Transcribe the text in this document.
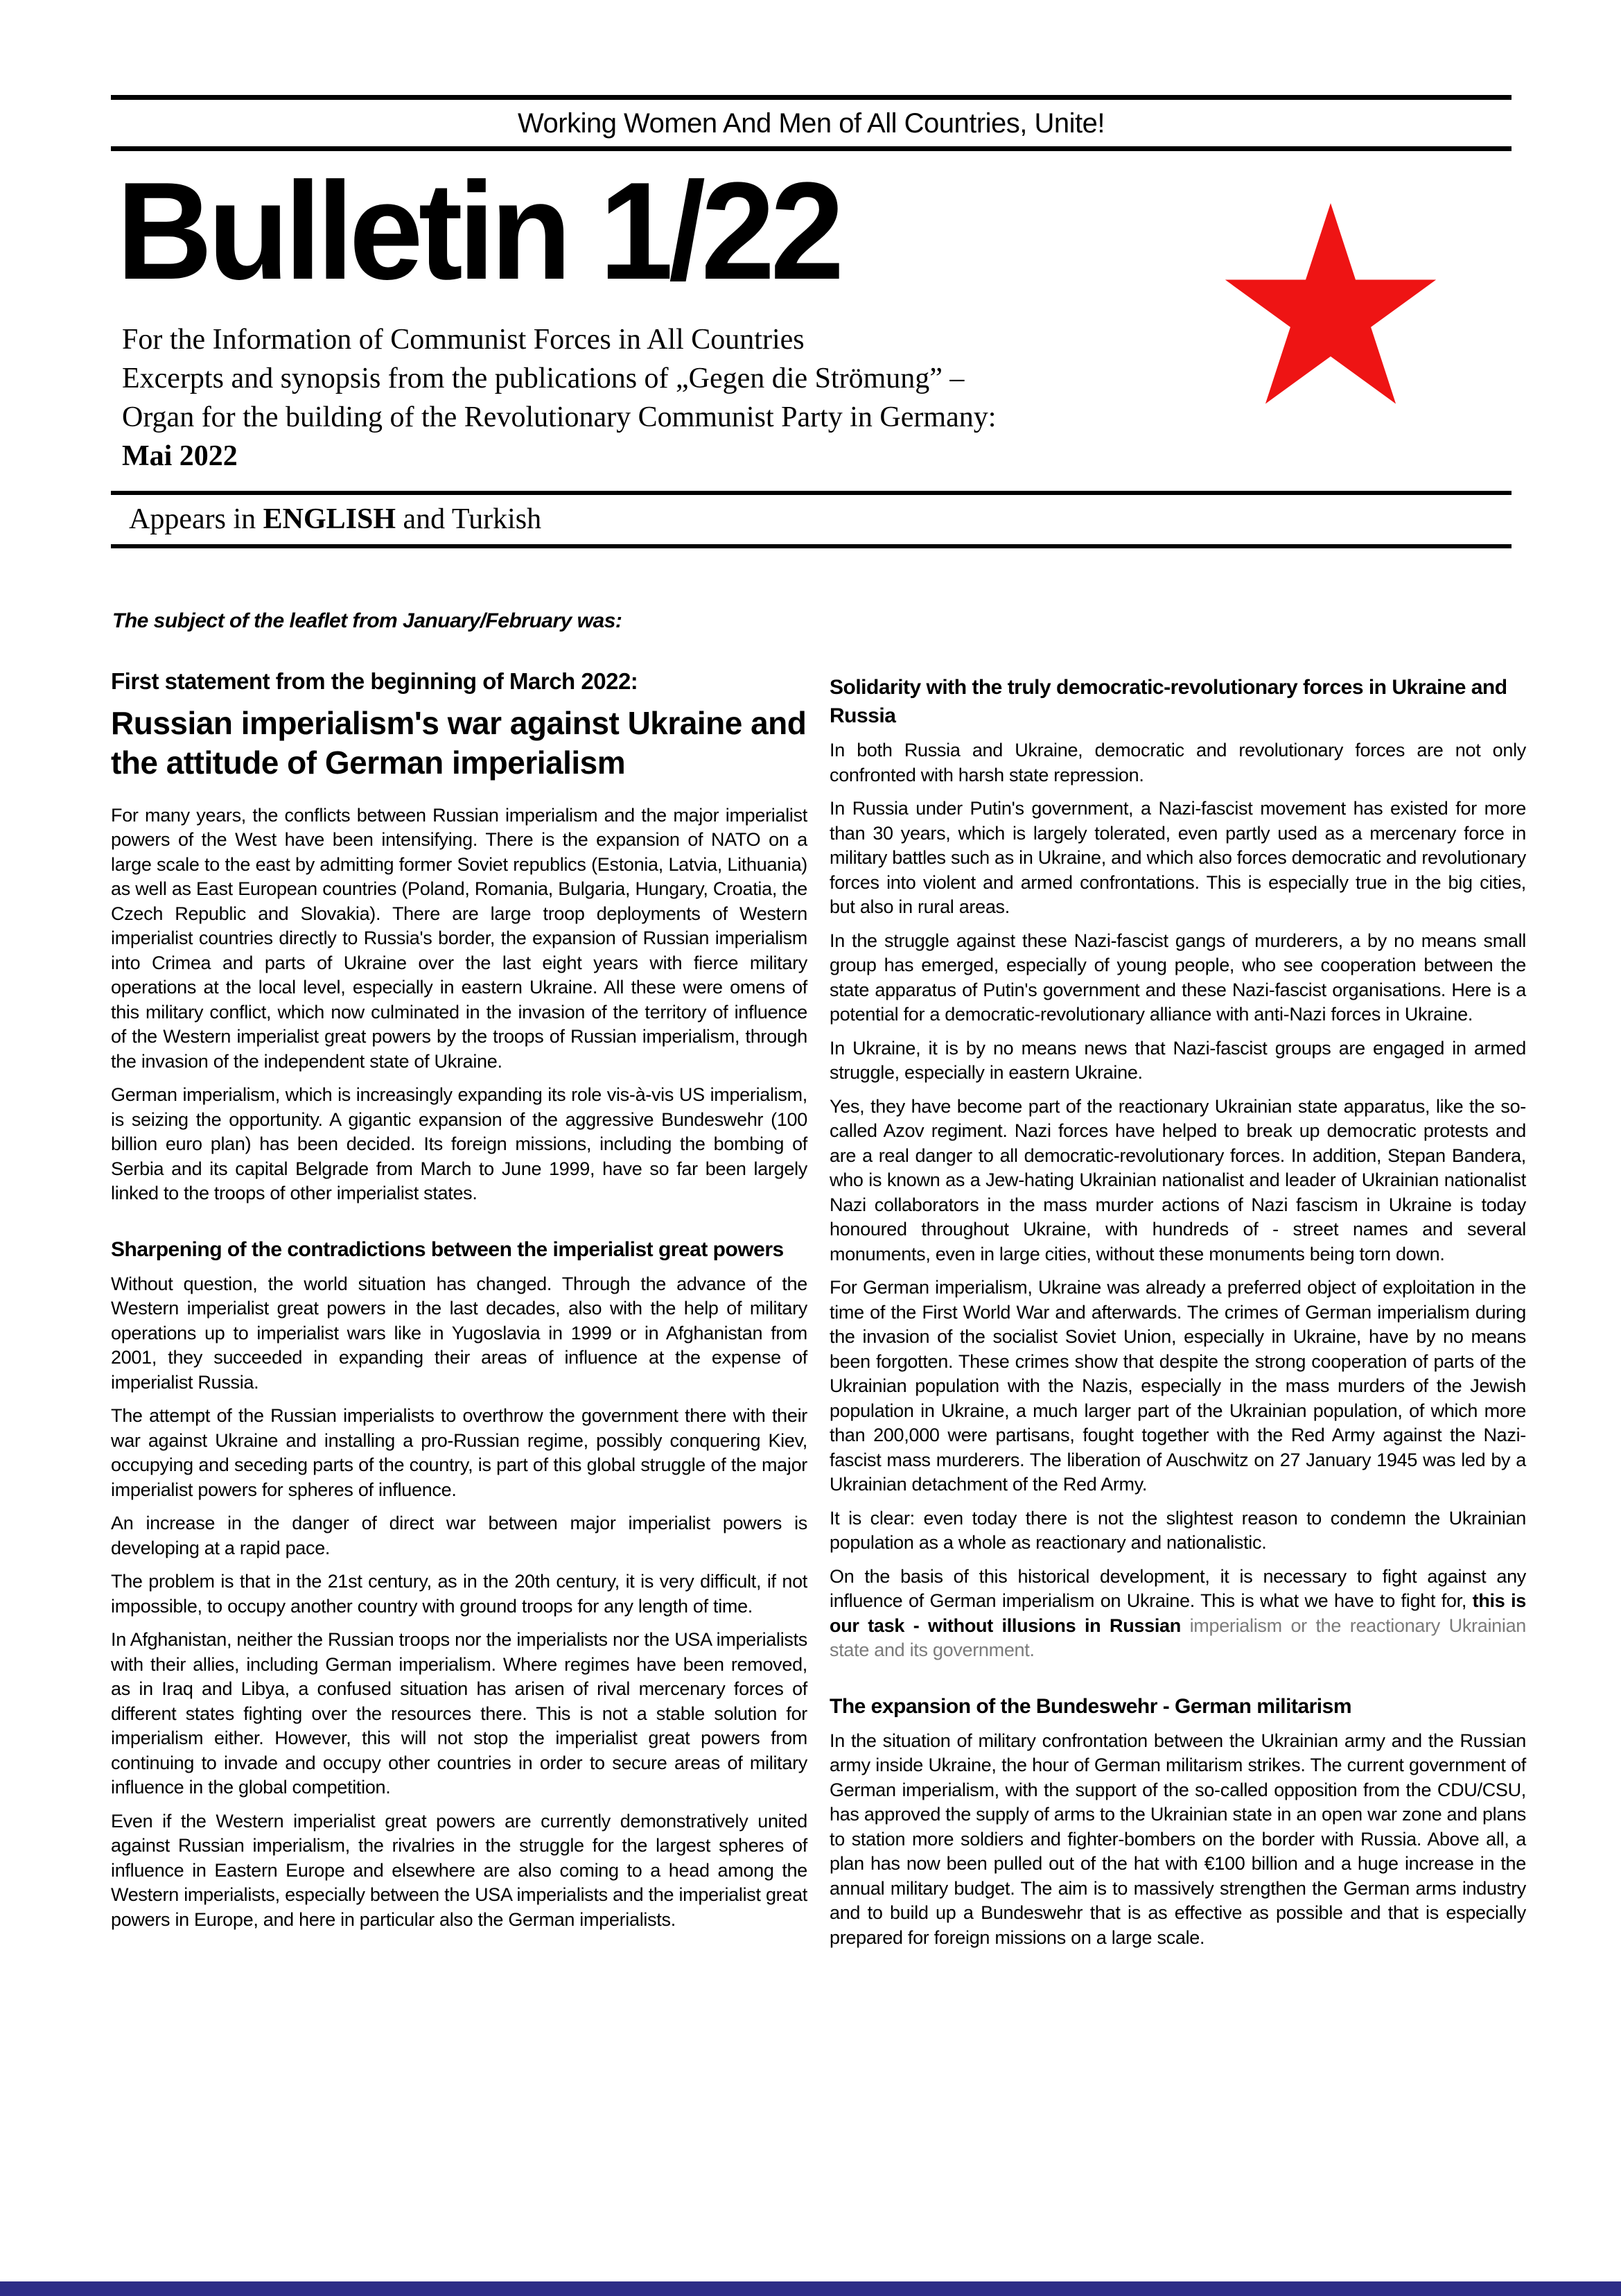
Working Women And Men of All Countries, Unite!
Bulletin 1/22
For the Information of Communist Forces in All Countries
Excerpts and synopsis from the publications of „Gegen die Strömung” –
Organ for the building of the Revolutionary Communist Party in Germany:
Mai 2022
Appears in ENGLISH and Turkish
The subject of the leaflet from January/February was:
First statement from the beginning of March 2022:
Russian imperialism's war against Ukraine and the attitude of German imperialism

For many years, the conflicts between Russian imperialism and the major imperialist powers of the West have been intensifying. There is the expansion of NATO on a large scale to the east by admitting former Soviet republics (Estonia, Latvia, Lithuania) as well as East European countries (Poland, Romania, Bulgaria, Hungary, Croatia, the Czech Republic and Slovakia). There are large troop deployments of Western imperialist countries directly to Russia's border, the expansion of Russian imperialism into Crimea and parts of Ukraine over the last eight years with fierce military operations at the local level, especially in eastern Ukraine. All these were omens of this military conflict, which now culminated in the invasion of the territory of influence of the Western imperialist great powers by the troops of Russian imperialism, through the invasion of the independent state of Ukraine.

German imperialism, which is increasingly expanding its role vis-à-vis US imperialism, is seizing the opportunity. A gigantic expansion of the aggressive Bundeswehr (100 billion euro plan) has been decided. Its foreign missions, including the bombing of Serbia and its capital Belgrade from March to June 1999, have so far been largely linked to the troops of other imperialist states.

Sharpening of the contradictions between the imperialist great powers

Without question, the world situation has changed. Through the advance of the Western imperialist great powers in the last decades, also with the help of military operations up to imperialist wars like in Yugoslavia in 1999 or in Afghanistan from 2001, they succeeded in expanding their areas of influence at the expense of imperialist Russia.

The attempt of the Russian imperialists to overthrow the government there with their war against Ukraine and installing a pro-Russian regime, possibly conquering Kiev, occupying and seceding parts of the country, is part of this global struggle of the major imperialist powers for spheres of influence.

An increase in the danger of direct war between major imperialist powers is developing at a rapid pace.

The problem is that in the 21st century, as in the 20th century, it is very difficult, if not impossible, to occupy another country with ground troops for any length of time.

In Afghanistan, neither the Russian troops nor the imperialists nor the USA imperialists with their allies, including German imperialism. Where regimes have been removed, as in Iraq and Libya, a confused situation has arisen of rival mercenary forces of different states fighting over the resources there. This is not a stable solution for imperialism either. However, this will not stop the imperialist great powers from continuing to invade and occupy other countries in order to secure areas of military influence in the global competition.

Even if the Western imperialist great powers are currently demonstratively united against Russian imperialism, the rivalries in the struggle for the largest spheres of influence in Eastern Europe and elsewhere are also coming to a head among the Western imperialists, especially between the USA imperialists and the imperialist great powers in Europe, and here in particular also the German imperialists.

Solidarity with the truly democratic-revolutionary forces in Ukraine and Russia

In both Russia and Ukraine, democratic and revolutionary forces are not only confronted with harsh state repression.

In Russia under Putin's government, a Nazi-fascist movement has existed for more than 30 years, which is largely tolerated, even partly used as a mercenary force in military battles such as in Ukraine, and which also forces democratic and revolutionary forces into violent and armed confrontations. This is especially true in the big cities, but also in rural areas.

In the struggle against these Nazi-fascist gangs of murderers, a by no means small group has emerged, especially of young people, who see cooperation between the state apparatus of Putin's government and these Nazi-fascist organisations. Here is a potential for a democratic-revolutionary alliance with anti-Nazi forces in Ukraine.

In Ukraine, it is by no means news that Nazi-fascist groups are engaged in armed struggle, especially in eastern Ukraine.

Yes, they have become part of the reactionary Ukrainian state apparatus, like the so-called Azov regiment. Nazi forces have helped to break up democratic protests and are a real danger to all democratic-revolutionary forces. In addition, Stepan Bandera, who is known as a Jew-hating Ukrainian nationalist and leader of Ukrainian nationalist Nazi collaborators in the mass murder actions of Nazi fascism in Ukraine is today honoured throughout Ukraine, with hundreds of - street names and several monuments, even in large cities, without these monuments being torn down.

For German imperialism, Ukraine was already a preferred object of exploitation in the time of the First World War and afterwards. The crimes of German imperialism during the invasion of the socialist Soviet Union, especially in Ukraine, have by no means been forgotten. These crimes show that despite the strong cooperation of parts of the Ukrainian population with the Nazis, especially in the mass murders of the Jewish population in Ukraine, a much larger part of the Ukrainian population, of which more than 200,000 were partisans, fought together with the Red Army against the Nazi-fascist mass murderers. The liberation of Auschwitz on 27 January 1945 was led by a Ukrainian detachment of the Red Army.

It is clear: even today there is not the slightest reason to condemn the Ukrainian population as a whole as reactionary and nationalistic.

On the basis of this historical development, it is necessary to fight against any influence of German imperialism on Ukraine. This is what we have to fight for, this is our task - without illusions in Russian imperialism or the reactionary Ukrainian state and its government.

The expansion of the Bundeswehr - German militarism

In the situation of military confrontation between the Ukrainian army and the Russian army inside Ukraine, the hour of German militarism strikes. The current government of German imperialism, with the support of the so-called opposition from the CDU/CSU, has approved the supply of arms to the Ukrainian state in an open war zone and plans to station more soldiers and fighter-bombers on the border with Russia. Above all, a plan has now been pulled out of the hat with €100 billion and a huge increase in the annual military budget. The aim is to massively strengthen the German arms industry and to build up a Bundeswehr that is as effective as possible and that is especially prepared for foreign missions on a large scale.
